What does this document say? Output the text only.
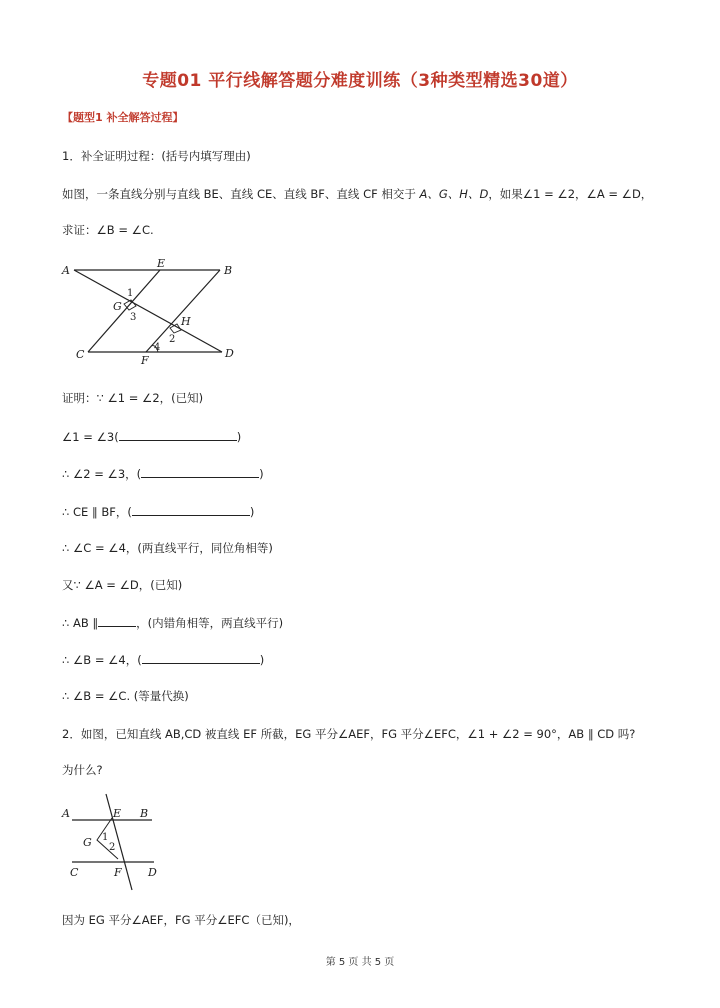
专题01 平行线解答题分难度训练（3种类型精选30道）
【题型1 补全解答过程】
1．补全证明过程：(括号内填写理由)
如图，一条直线分别与直线 BE、直线 CE、直线 BF、直线 CF 相交于 A、G、H、D，如果∠1 = ∠2，∠A = ∠D，
求证：∠B = ∠C.
A
E
B
G
H
C	F
D
1
3
2
4
证明：∵ ∠1 = ∠2，(已知)
∠1 = ∠3(	)
∴ ∠2 = ∠3，(	)
∴ CE ∥ BF，(	)
∴ ∠C = ∠4，(两直线平行，同位角相等)
又∵ ∠A = ∠D，(已知)
∴ AB ∥	，(内错角相等，两直线平行)
∴ ∠B = ∠4，(	)
∴ ∠B = ∠C. (等量代换)
2．如图，已知直线 AB,CD 被直线 EF 所截，EG 平分∠AEF，FG 平分∠EFC，∠1 + ∠2 = 90°，AB ∥ CD 吗?
为什么?
A	E B
G
C	F D
1
2
因为 EG 平分∠AEF，FG 平分∠EFC（已知)，
第 5 页 共 5 页
